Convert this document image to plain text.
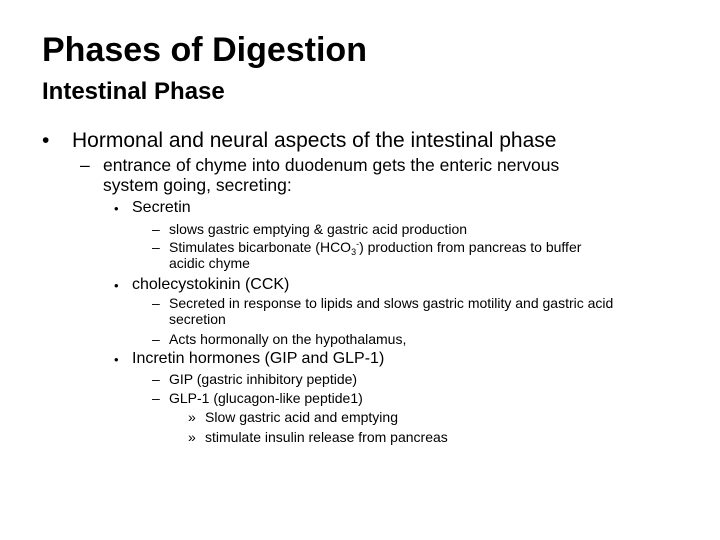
Phases of Digestion
Intestinal Phase
• Hormonal and neural aspects of the intestinal phase
– entrance of chyme into duodenum gets the enteric nervous
system going, secreting:
• Secretin
– slows gastric emptying & gastric acid production
– Stimulates bicarbonate $(HCO_3^-)$ production from pancreas to buffer
acidic chyme
• cholecystokinin (CCK)
– Secreted in response to lipids and slows gastric motility and gastric acid
secretion
– Acts hormonally on the hypothalamus,
• Incretin hormones (GIP and GLP-1)
– GIP (gastric inhibitory peptide)
– GLP-1 (glucagon-like peptide1)
» Slow gastric acid and emptying
» stimulate insulin release from pancreas
